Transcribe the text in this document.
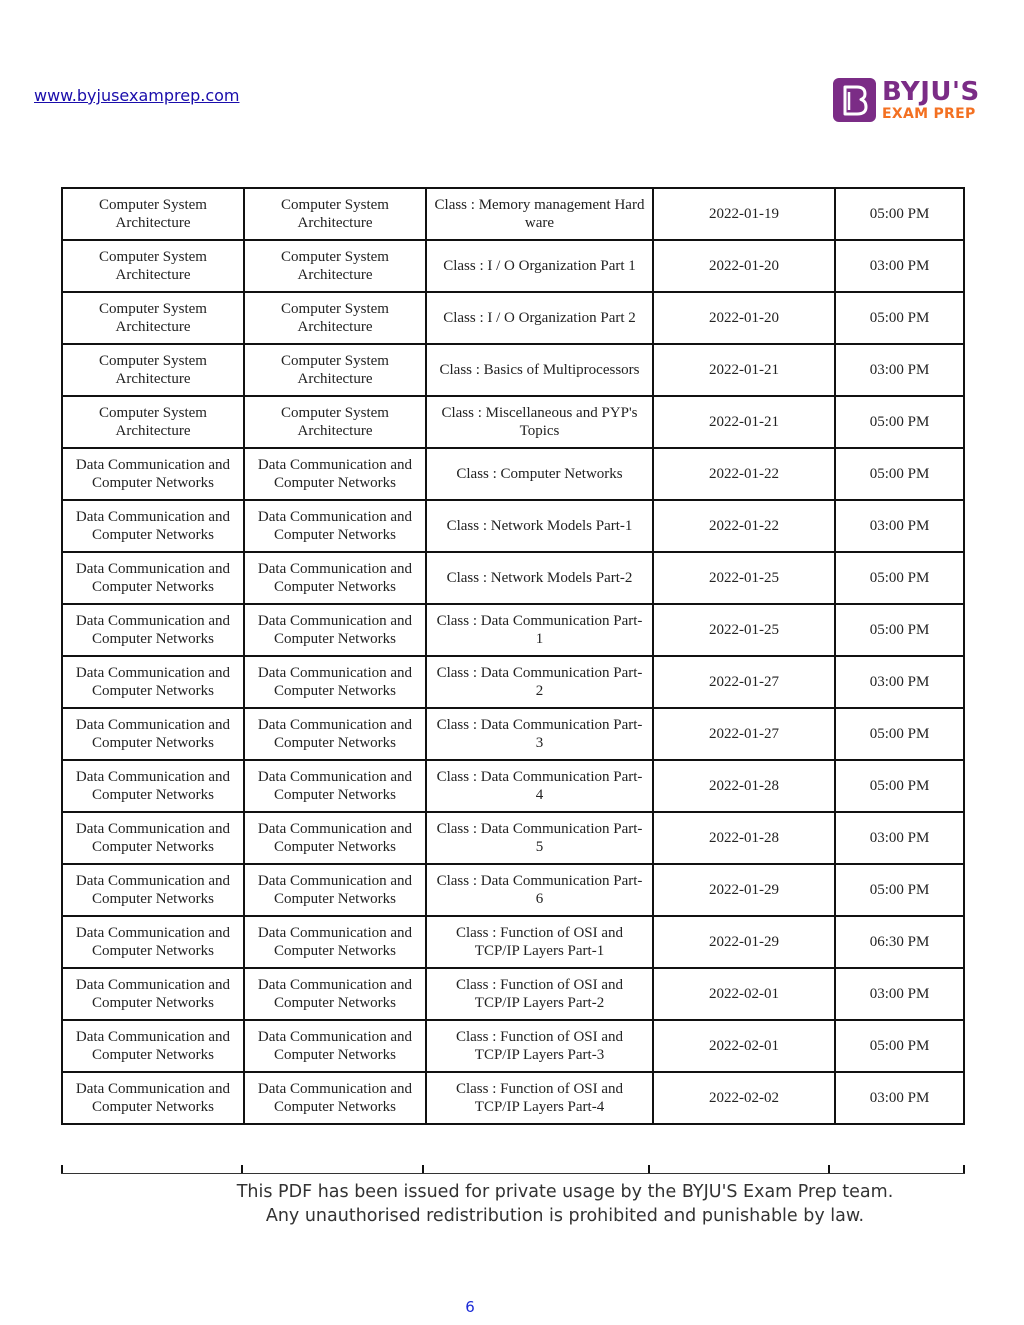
www.byjusexamprep.com	BYJU'S
EXAM PREP
Computer System Architecture	Computer System Architecture	Class : Memory management Hard ware	2022-01-19	05:00 PM
Computer System Architecture	Computer System Architecture	Class : I / O Organization Part 1	2022-01-20	03:00 PM
Computer System Architecture	Computer System Architecture	Class : I / O Organization Part 2	2022-01-20	05:00 PM
Computer System Architecture	Computer System Architecture	Class : Basics of Multiprocessors	2022-01-21	03:00 PM
Computer System Architecture	Computer System Architecture	Class : Miscellaneous and PYP's Topics	2022-01-21	05:00 PM
Data Communication and Computer Networks	Data Communication and Computer Networks	Class : Computer Networks	2022-01-22	05:00 PM
Data Communication and Computer Networks	Data Communication and Computer Networks	Class : Network Models Part-1	2022-01-22	03:00 PM
Data Communication and Computer Networks	Data Communication and Computer Networks	Class : Network Models Part-2	2022-01-25	05:00 PM
Data Communication and Computer Networks	Data Communication and Computer Networks	Class : Data Communication Part-1	2022-01-25	05:00 PM
Data Communication and Computer Networks	Data Communication and Computer Networks	Class : Data Communication Part-2	2022-01-27	03:00 PM
Data Communication and Computer Networks	Data Communication and Computer Networks	Class : Data Communication Part-3	2022-01-27	05:00 PM
Data Communication and Computer Networks	Data Communication and Computer Networks	Class : Data Communication Part-4	2022-01-28	05:00 PM
Data Communication and Computer Networks	Data Communication and Computer Networks	Class : Data Communication Part-5	2022-01-28	03:00 PM
Data Communication and Computer Networks	Data Communication and Computer Networks	Class : Data Communication Part-6	2022-01-29	05:00 PM
Data Communication and Computer Networks	Data Communication and Computer Networks	Class : Function of OSI and TCP/IP Layers Part-1	2022-01-29	06:30 PM
Data Communication and Computer Networks	Data Communication and Computer Networks	Class : Function of OSI and TCP/IP Layers Part-2	2022-02-01	03:00 PM
Data Communication and Computer Networks	Data Communication and Computer Networks	Class : Function of OSI and TCP/IP Layers Part-3	2022-02-01	05:00 PM
Data Communication and Computer Networks	Data Communication and Computer Networks	Class : Function of OSI and TCP/IP Layers Part-4	2022-02-02	03:00 PM
This PDF has been issued for private usage by the BYJU'S Exam Prep team.
Any unauthorised redistribution is prohibited and punishable by law.
6
